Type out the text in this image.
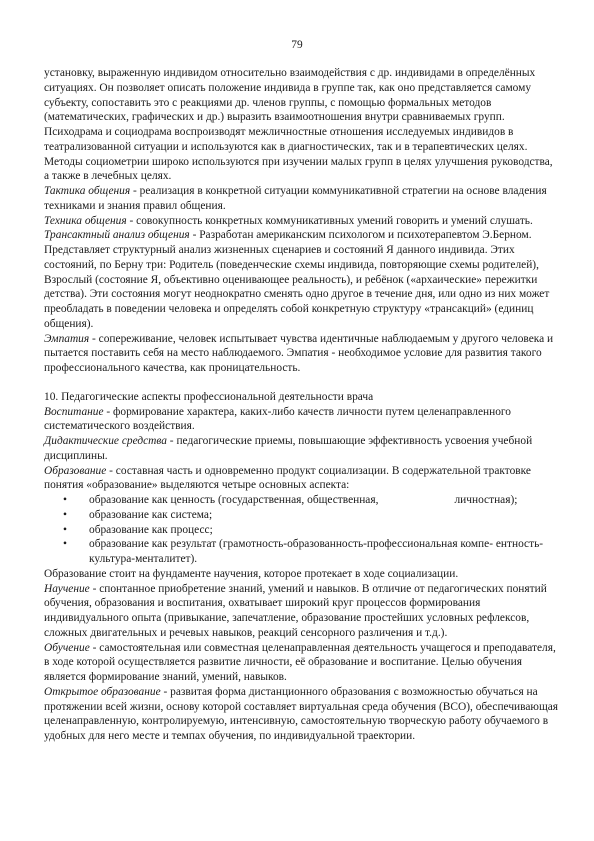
79

установку, выраженную индивидом относительно взаимодействия с др. индивидами в определённых ситуациях. Он позволяет описать положение индивида в группе так, как оно представляется самому субъекту, сопоставить это с реакциями др. членов группы, с помощью формальных методов (математических, графических и др.) выразить взаимоотношения внутри сравниваемых групп. Психодрама и социодрама воспроизводят межличностные отношения исследуемых индивидов в театрализованной ситуации и используются как в диагностических, так и в терапевтических целях. Методы социометрии широко используются при изучении малых групп в целях улучшения руководства, а также в лечебных целях.

Тактика общения - реализация в конкретной ситуации коммуникативной стратегии на основе владения техниками и знания правил общения.

Техника общения - совокупность конкретных коммуникативных умений говорить и умений слушать.

Трансактный анализ общения - Разработан американским психологом и психотерапевтом Э.Берном. Представляет структурный анализ жизненных сценариев и состояний Я данного индивида. Этих состояний, по Берну три: Родитель (поведенческие схемы индивида, повторяющие схемы родителей), Взрослый (состояние Я, объективно оценивающее реальность), и ребёнок («архаические» пережитки детства). Эти состояния могут неоднократно сменять одно другое в течение дня, или одно из них может преобладать в поведении человека и определять собой конкретную структуру «трансакций» (единиц общения).

Эмпатия - сопереживание, человек испытывает чувства идентичные наблюдаемым у другого человека и пытается поставить себя на место наблюдаемого. Эмпатия - необходимое условие для развития такого профессионального качества, как проницательность.

10. Педагогические аспекты профессиональной деятельности врача

Воспитание - формирование характера, каких-либо качеств личности путем целенаправленного систематического воздействия.

Дидактические средства - педагогические приемы, повышающие эффективность усвоения учебной дисциплины.

Образование - составная часть и одновременно продукт социализации. В содержательной трактовке понятия «образование» выделяются четыре основных аспекта:

• образование как ценность (государственная, общественная,	личностная);
• образование как система;
• образование как процесс;
• образование как результат (грамотность-образованность-профессиональная компе- ентность-культура-менталитет).

Образование стоит на фундаменте научения, которое протекает в ходе социализации.

Научение - спонтанное приобретение знаний, умений и навыков. В отличие от педагогических понятий обучения, образования и воспитания, охватывает широкий круг процессов формирования индивидуального опыта (привыкание, запечатление, образование простейших условных рефлексов, сложных двигательных и речевых навыков, реакций сенсорного различения и т.д.).

Обучение - самостоятельная или совместная целенаправленная деятельность учащегося и преподавателя, в ходе которой осуществляется развитие личности, её образование и воспитание. Целью обучения является формирование знаний, умений, навыков.

Открытое образование - развитая форма дистанционного образования с возможностью обучаться на протяжении всей жизни, основу которой составляет виртуальная среда обучения (ВСО), обеспечивающая целенаправленную, контролируемую, интенсивную, самостоятельную творческую работу обучаемого в удобных для него месте и темпах обучения, по индивидуальной траектории.
